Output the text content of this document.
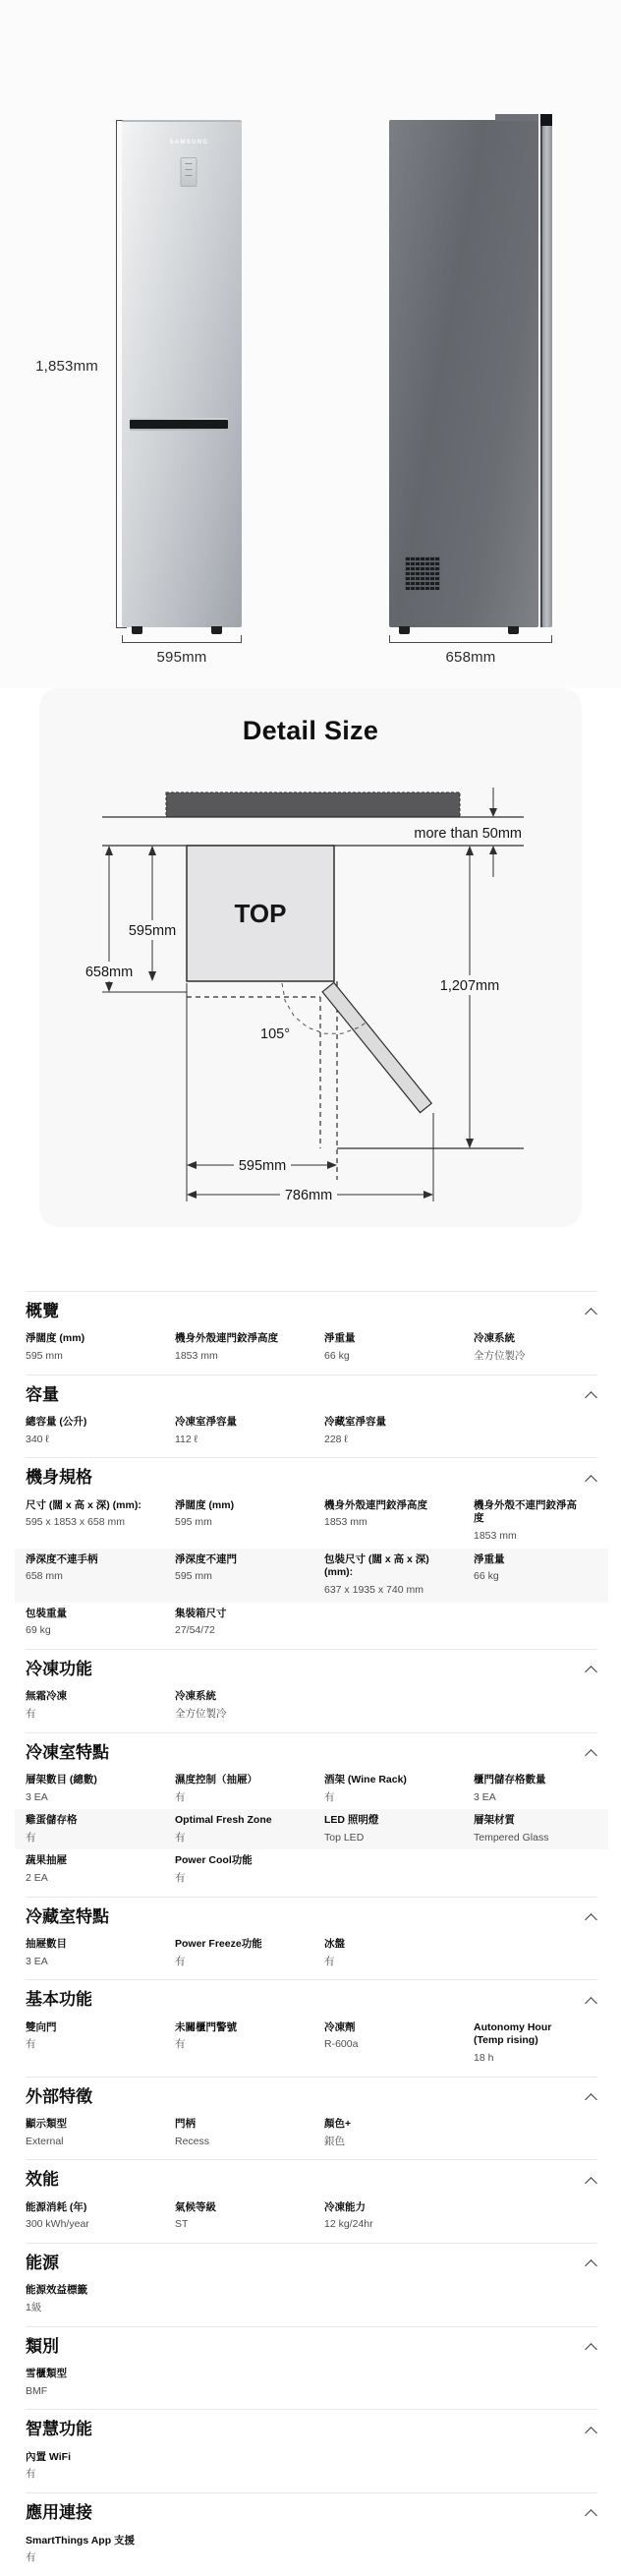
1,853mm
SAMSUNG
595mm	658mm
Detail Size
more than 50mm
TOP
595mm
658mm
105°
1,207mm
595mm
786mm
概覽
淨闊度 (mm)
595 mm
機身外殼連門鉸淨高度
1853 mm
淨重量
66 kg
冷凍系統
全方位製冷
容量
總容量 (公升)
340 ℓ
冷凍室淨容量
112 ℓ
冷藏室淨容量
228 ℓ
機身規格
尺寸 (闊 x 高 x 深) (mm):
595 x 1853 x 658 mm
淨闊度 (mm)
595 mm
機身外殼連門鉸淨高度
1853 mm
機身外殼不連門鉸淨高度
1853 mm
淨深度不連手柄
658 mm
淨深度不連門
595 mm
包裝尺寸 (闊 x 高 x 深) (mm):
637 x 1935 x 740 mm
淨重量
66 kg
包裝重量
69 kg
集裝箱尺寸
27/54/72
冷凍功能
無霜冷凍
有
冷凍系統
全方位製冷
冷凍室特點
層架數目 (總數)
3 EA
濕度控制（抽屜）
有
酒架 (Wine Rack)
有
櫃門儲存格數量
3 EA
雞蛋儲存格
有
Optimal Fresh Zone
有
LED 照明燈
Top LED
層架材質
Tempered Glass
蔬果抽屜
2 EA
Power Cool功能
有
冷藏室特點
抽屜數目
3 EA
Power Freeze功能
有
冰盤
有
基本功能
雙向門
有
未關櫃門警號
有
冷凍劑
R-600a
Autonomy Hour (Temp rising)
18 h
外部特徵
顯示類型
External
門柄
Recess
顏色+
銀色
效能
能源消耗 (年)
300 kWh/year
氣候等級
ST
冷凍能力
12 kg/24hr
能源
能源效益標籤
1級
類別
雪櫃類型
BMF
智慧功能
內置 WiFi
有
應用連接
SmartThings App 支援
有
